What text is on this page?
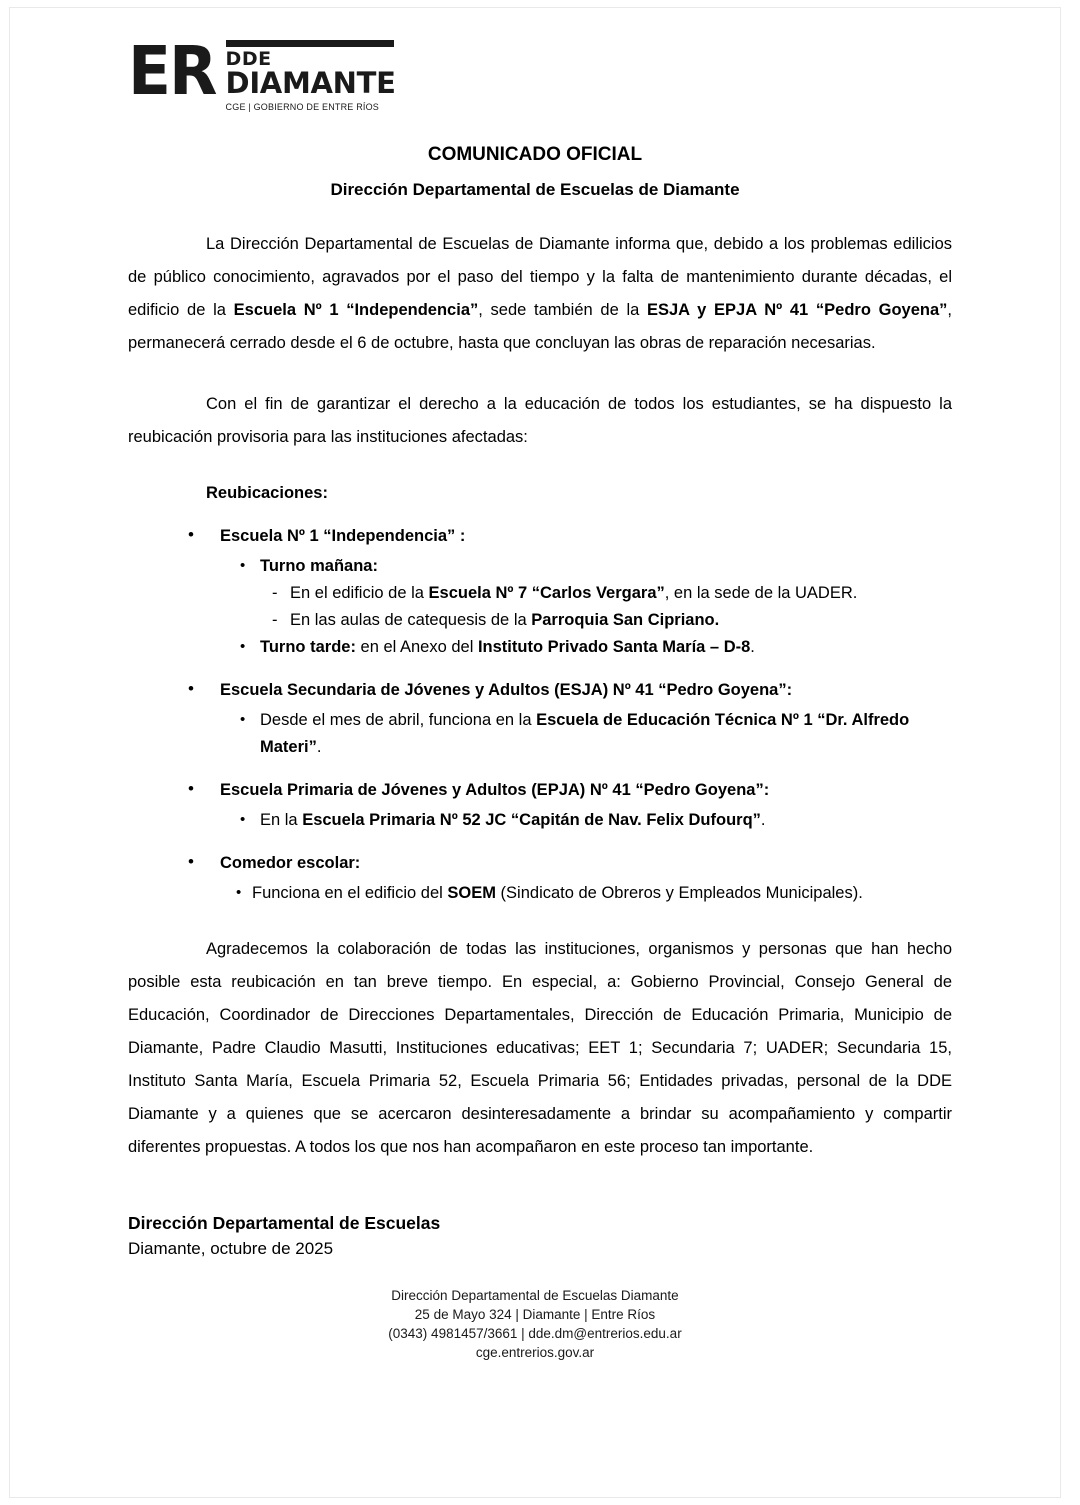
ER DDE
DIAMANTE
CGE | GOBIERNO DE ENTRE RÍOS
COMUNICADO OFICIAL
Dirección Departamental de Escuelas de Diamante

La Dirección Departamental de Escuelas de Diamante informa que, debido a los problemas edilicios de público conocimiento, agravados por el paso del tiempo y la falta de mantenimiento durante décadas, el edificio de la Escuela Nº 1 “Independencia”, sede también de la ESJA y EPJA Nº 41 “Pedro Goyena”, permanecerá cerrado desde el 6 de octubre, hasta que concluyan las obras de reparación necesarias.

Con el fin de garantizar el derecho a la educación de todos los estudiantes, se ha dispuesto la reubicación provisoria para las instituciones afectadas:

Reubicaciones:
• Escuela Nº 1 “Independencia” :
• Turno mañana:
- En el edificio de la Escuela Nº 7 “Carlos Vergara”, en la sede de la UADER.
- En las aulas de catequesis de la Parroquia San Cipriano.
• Turno tarde: en el Anexo del Instituto Privado Santa María – D-8.
• Escuela Secundaria de Jóvenes y Adultos (ESJA) Nº 41 “Pedro Goyena”:
• Desde el mes de abril, funciona en la Escuela de Educación Técnica Nº 1 “Dr. Alfredo Materi”.
• Escuela Primaria de Jóvenes y Adultos (EPJA) Nº 41 “Pedro Goyena”:
• En la Escuela Primaria Nº 52 JC “Capitán de Nav. Felix Dufourq”.
• Comedor escolar:
• Funciona en el edificio del SOEM (Sindicato de Obreros y Empleados Municipales).

Agradecemos la colaboración de todas las instituciones, organismos y personas que han hecho posible esta reubicación en tan breve tiempo. En especial, a: Gobierno Provincial, Consejo General de Educación, Coordinador de Direcciones Departamentales, Dirección de Educación Primaria, Municipio de Diamante, Padre Claudio Masutti, Instituciones educativas; EET 1; Secundaria 7; UADER; Secundaria 15, Instituto Santa María, Escuela Primaria 52, Escuela Primaria 56; Entidades privadas, personal de la DDE Diamante y a quienes que se acercaron desinteresadamente a brindar su acompañamiento y compartir diferentes propuestas. A todos los que nos han acompañaron en este proceso tan importante.

Dirección Departamental de Escuelas
Diamante, octubre de 2025
Dirección Departamental de Escuelas Diamante
25 de Mayo 324 | Diamante | Entre Ríos
(0343) 4981457/3661 | dde.dm@entrerios.edu.ar
cge.entrerios.gov.ar
